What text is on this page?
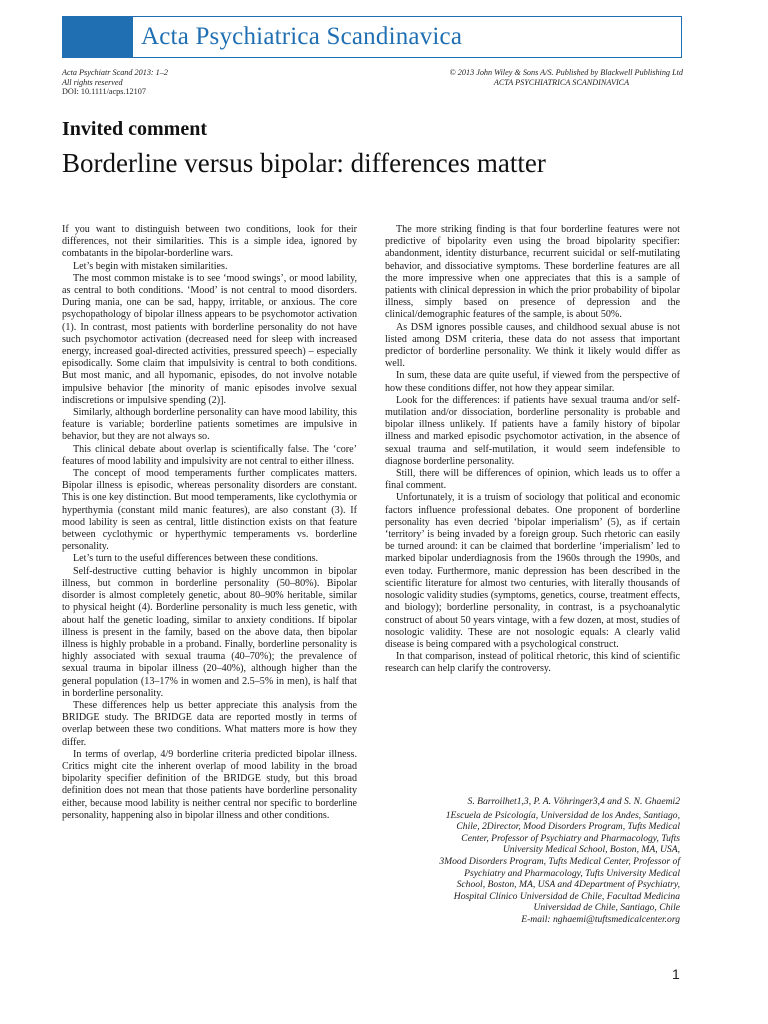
Acta Psychiatrica Scandinavica
Acta Psychiatr Scand 2013: 1–2
All rights reserved
DOI: 10.1111/acps.12107
© 2013 John Wiley & Sons A/S. Published by Blackwell Publishing Ltd
ACTA PSYCHIATRICA SCANDINAVICA
Invited comment
Borderline versus bipolar: differences matter

If you want to distinguish between two conditions, look for their differences, not their similarities. This is a simple idea, ignored by combatants in the bipolar-borderline wars.

Let’s begin with mistaken similarities.

The most common mistake is to see ‘mood swings’, or mood lability, as central to both conditions. ‘Mood’ is not central to mood disorders. During mania, one can be sad, happy, irritable, or anxious. The core psychopathology of bipolar illness appears to be psychomotor activation (1). In contrast, most patients with borderline personality do not have such psychomotor activation (decreased need for sleep with increased energy, increased goal-directed activities, pressured speech) – especially episodically. Some claim that impulsivity is central to both conditions. But most manic, and all hypomanic, episodes, do not involve notable impulsive behavior [the minority of manic episodes involve sexual indiscretions or impulsive spending (2)].

Similarly, although borderline personality can have mood lability, this feature is variable; borderline patients sometimes are impulsive in behavior, but they are not always so.

This clinical debate about overlap is scientifically false. The ‘core’ features of mood lability and impulsivity are not central to either illness.

The concept of mood temperaments further complicates matters. Bipolar illness is episodic, whereas personality disorders are constant. This is one key distinction. But mood temperaments, like cyclothymia or hyperthymia (constant mild manic features), are also constant (3). If mood lability is seen as central, little distinction exists on that feature between cyclothymic or hyperthymic temperaments vs. borderline personality.

Let’s turn to the useful differences between these conditions.

Self-destructive cutting behavior is highly uncommon in bipolar illness, but common in borderline personality (50–80%). Bipolar disorder is almost completely genetic, about 80–90% heritable, similar to physical height (4). Borderline personality is much less genetic, with about half the genetic loading, similar to anxiety conditions. If bipolar illness is present in the family, based on the above data, then bipolar illness is highly probable in a proband. Finally, borderline personality is highly associated with sexual trauma (40–70%); the prevalence of sexual trauma in bipolar illness (20–40%), although higher than the general population (13–17% in women and 2.5–5% in men), is half that in borderline personality.

These differences help us better appreciate this analysis from the BRIDGE study. The BRIDGE data are reported mostly in terms of overlap between these two conditions. What matters more is how they differ.

In terms of overlap, 4/9 borderline criteria predicted bipolar illness. Critics might cite the inherent overlap of mood lability in the broad bipolarity specifier definition of the BRIDGE study, but this broad definition does not mean that those patients have borderline personality either, because mood lability is neither central nor specific to borderline personality, happening also in bipolar illness and other conditions.

The more striking finding is that four borderline features were not predictive of bipolarity even using the broad bipolarity specifier: abandonment, identity disturbance, recurrent suicidal or self-mutilating behavior, and dissociative symptoms. These borderline features are all the more impressive when one appreciates that this is a sample of patients with clinical depression in which the prior probability of bipolar illness, simply based on presence of depression and the clinical/demographic features of the sample, is about 50%.

As DSM ignores possible causes, and childhood sexual abuse is not listed among DSM criteria, these data do not assess that important predictor of borderline personality. We think it likely would differ as well.

In sum, these data are quite useful, if viewed from the perspective of how these conditions differ, not how they appear similar.

Look for the differences: if patients have sexual trauma and/or self-mutilation and/or dissociation, borderline personality is probable and bipolar illness unlikely. If patients have a family history of bipolar illness and marked episodic psychomotor activation, in the absence of sexual trauma and self-mutilation, it would seem indefensible to diagnose borderline personality.

Still, there will be differences of opinion, which leads us to offer a final comment.

Unfortunately, it is a truism of sociology that political and economic factors influence professional debates. One proponent of borderline personality has even decried ‘bipolar imperialism’ (5), as if certain ‘territory’ is being invaded by a foreign group. Such rhetoric can easily be turned around: it can be claimed that borderline ‘imperialism’ led to marked bipolar underdiagnosis from the 1960s through the 1990s, and even today. Furthermore, manic depression has been described in the scientific literature for almost two centuries, with literally thousands of nosologic validity studies (symptoms, genetics, course, treatment effects, and biology); borderline personality, in contrast, is a psychoanalytic construct of about 50 years vintage, with a few dozen, at most, studies of nosologic validity. These are not nosologic equals: A clearly valid disease is being compared with a psychological construct.

In that comparison, instead of political rhetoric, this kind of scientific research can help clarify the controversy.

S. Barroilhet1,3, P. A. Vöhringer3,4 and S. N. Ghaemi2
1Escuela de Psicología, Universidad de los Andes, Santiago,
Chile, 2Director, Mood Disorders Program, Tufts Medical
Center, Professor of Psychiatry and Pharmacology, Tufts
University Medical School, Boston, MA, USA,
3Mood Disorders Program, Tufts Medical Center, Professor of
Psychiatry and Pharmacology, Tufts University Medical
School, Boston, MA, USA and 4Department of Psychiatry,
Hospital Clínico Universidad de Chile, Facultad Medicina
Universidad de Chile, Santiago, Chile
E-mail: nghaemi@tuftsmedicalcenter.org
1
